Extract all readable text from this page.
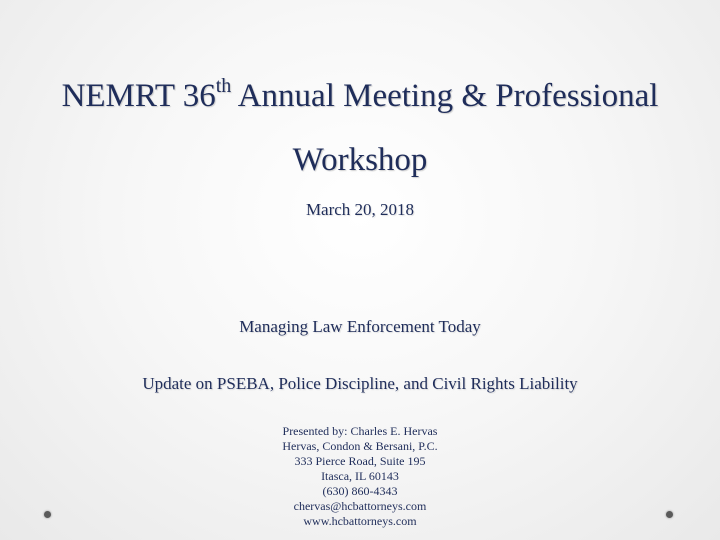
NEMRT 36th Annual Meeting & Professional
Workshop
March 20, 2018
Managing Law Enforcement Today
Update on PSEBA, Police Discipline, and Civil Rights Liability
Presented by: Charles E. Hervas
Hervas, Condon & Bersani, P.C.
333 Pierce Road, Suite 195
Itasca, IL 60143
(630) 860-4343
chervas@hcbattorneys.com
www.hcbattorneys.com
